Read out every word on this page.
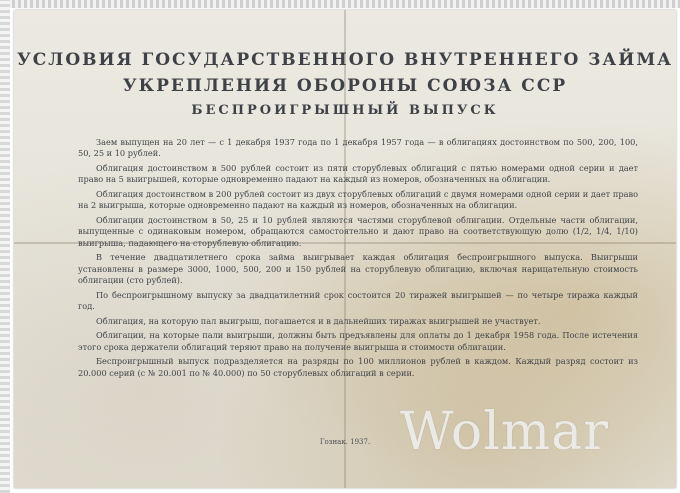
УСЛОВИЯ ГОСУДАРСТВЕННОГО ВНУТРЕННЕГО ЗАЙМА
УКРЕПЛЕНИЯ ОБОРОНЫ СОЮЗА ССР
БЕСПРОИГРЫШНЫЙ ВЫПУСК

Заем выпущен на 20 лет — с 1 декабря 1937 года по 1 декабря 1957 года — в облигациях достоинством по 500, 200, 100, 50, 25 и 10 рублей.

Облигация достоинством в 500 рублей состоит из пяти сторублевых облигаций с пятью номерами одной серии и дает право на 5 выигрышей, которые одновременно падают на каждый из номеров, обозначенных на облигации.

Облигация достоинством в 200 рублей состоит из двух сторублевых облигаций с двумя номерами одной серии и дает право на 2 выигрыша, которые одновременно падают на каждый из номеров, обозначенных на облигации.

Облигации достоинством в 50, 25 и 10 рублей являются частями сторублевой облигации. Отдельные части облигации, выпущенные с одинаковым номером, обращаются самостоятельно и дают право на соответствующую долю (1/2, 1/4, 1/10) выигрыша, падающего на сторублевую облигацию.

В течение двадцатилетнего срока займа выигрывает каждая облигация беспроигрышного выпуска. Выигрыши установлены в размере 3000, 1000, 500, 200 и 150 рублей на сторублевую облигацию, включая нарицательную стоимость облигации (сто рублей).

По беспроигрышному выпуску за двадцатилетний срок состоится 20 тиражей выигрышей — по четыре тиража каждый год.

Облигация, на которую пал выигрыш, погашается и в дальнейших тиражах выигрышей не участвует.

Облигации, на которые пали выигрыши, должны быть предъявлены для оплаты до 1 декабря 1958 года. После истечения этого срока держатели облигаций теряют право на получение выигрыша и стоимости облигации.

Беспроигрышный выпуск подразделяется на разряды по 100 миллионов рублей в каждом. Каждый разряд состоит из 20.000 серий (с № 20.001 по № 40.000) по 50 сторублевых облигаций в серии.

Гознак. 1937. Wolmar
